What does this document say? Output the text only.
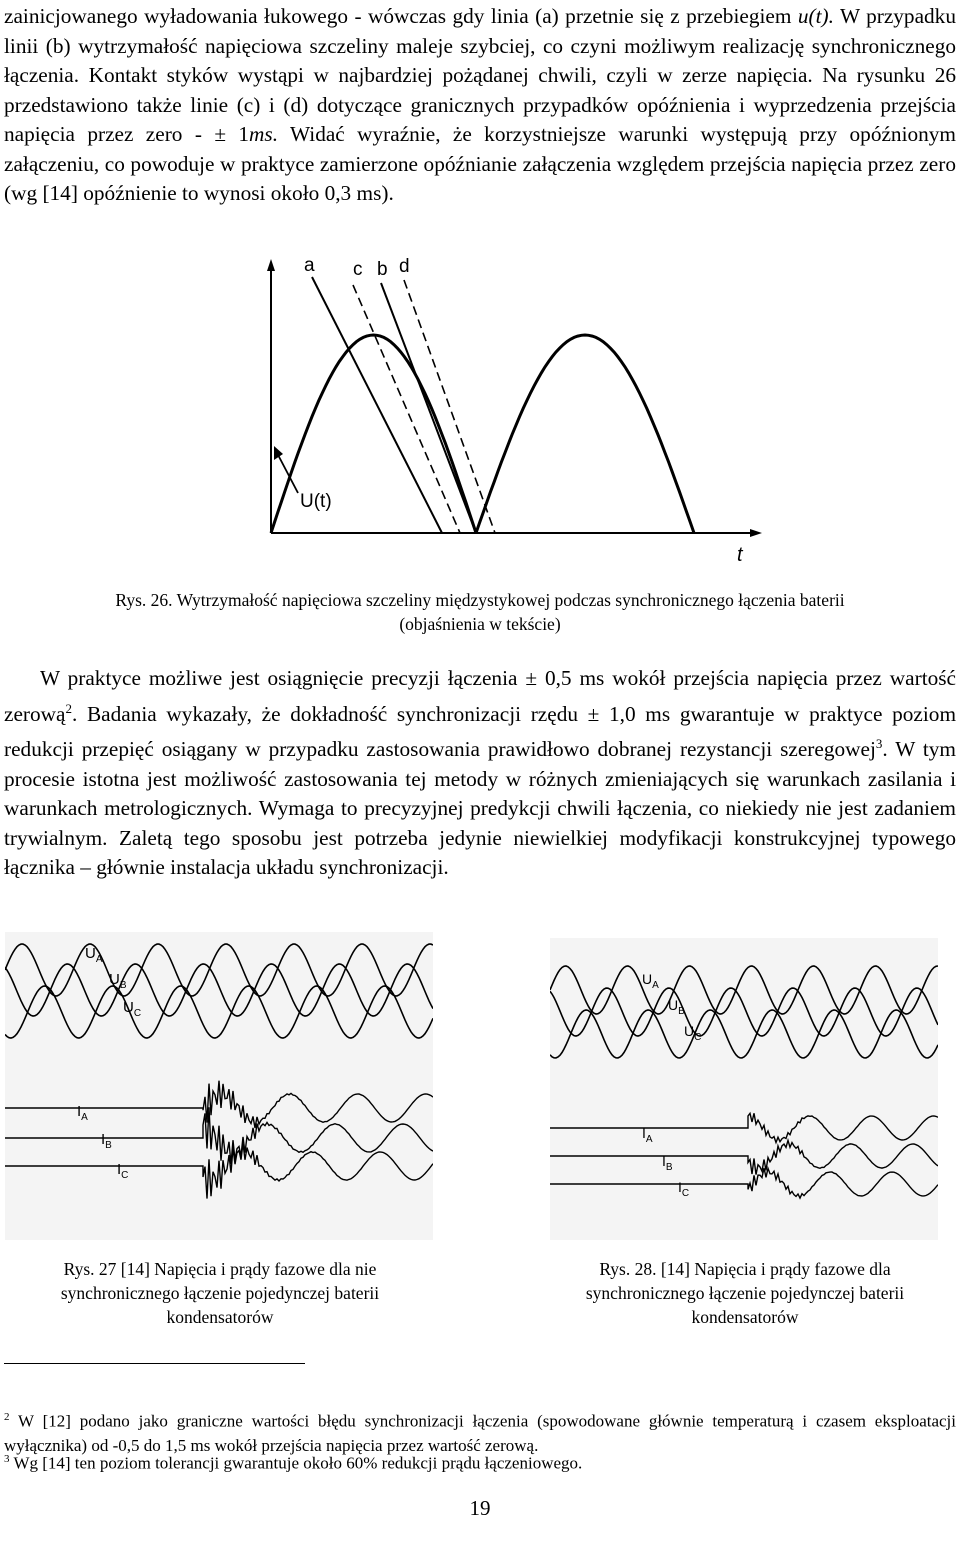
zainicjowanego wyładowania łukowego - wówczas gdy linia (a) przetnie się z przebiegiem u(t). W przypadku linii (b) wytrzymałość napięciowa szczeliny maleje szybciej, co czyni możliwym realizację synchronicznego łączenia. Kontakt styków wystąpi w najbardziej pożądanej chwili, czyli w zerze napięcia. Na rysunku 26 przedstawiono także linie (c) i (d) dotyczące granicznych przypadków opóźnienia i wyprzedzenia przejścia napięcia przez zero - ± 1ms. Widać wyraźnie, że korzystniejsze warunki występują przy opóźnionym załączeniu, co powoduje w praktyce zamierzone opóźnianie załączenia względem przejścia napięcia przez zero (wg [14] opóźnienie to wynosi około 0,3 ms).

a c b d
U(t)
t

Rys. 26. Wytrzymałość napięciowa szczeliny międzystykowej podczas synchronicznego łączenia baterii
(objaśnienia w tekście)

W praktyce możliwe jest osiągnięcie precyzji łączenia ± 0,5 ms wokół przejścia napięcia przez wartość zerową$^2$. Badania wykazały, że dokładność synchronizacji rzędu ± 1,0 ms gwarantuje w praktyce poziom redukcji przepięć osiągany w przypadku zastosowania prawidłowo dobranej rezystancji szeregowej$^3$. W tym procesie istotna jest możliwość zastosowania tej metody w różnych zmieniających się warunkach zasilania i warunkach metrologicznych. Wymaga to precyzyjnej predykcji chwili łączenia, co niekiedy nie jest zadaniem trywialnym. Zaletą tego sposobu jest potrzeba jedynie niewielkiej modyfikacji konstrukcyjnej typowego łącznika – głównie instalacja układu synchronizacji.

$U_A$
$U_B$
$U_C$
$I_A$
$I_B$
$I_C$

Rys. 27 [14] Napięcia i prądy fazowe dla nie
synchronicznego łączenie pojedynczej baterii
kondensatorów

$U_A$
$U_B$
$U_C$
$I_A$
$I_B$
$I_C$

Rys. 28. [14] Napięcia i prądy fazowe dla
synchronicznego łączenie pojedynczej baterii
kondensatorów

$^2$ W [12] podano jako graniczne wartości błędu synchronizacji łączenia (spowodowane głównie temperaturą i czasem eksploatacji wyłącznika) od -0,5 do 1,5 ms wokół przejścia napięcia przez wartość zerową.

$^3$ Wg [14] ten poziom tolerancji gwarantuje około 60% redukcji prądu łączeniowego.

19
